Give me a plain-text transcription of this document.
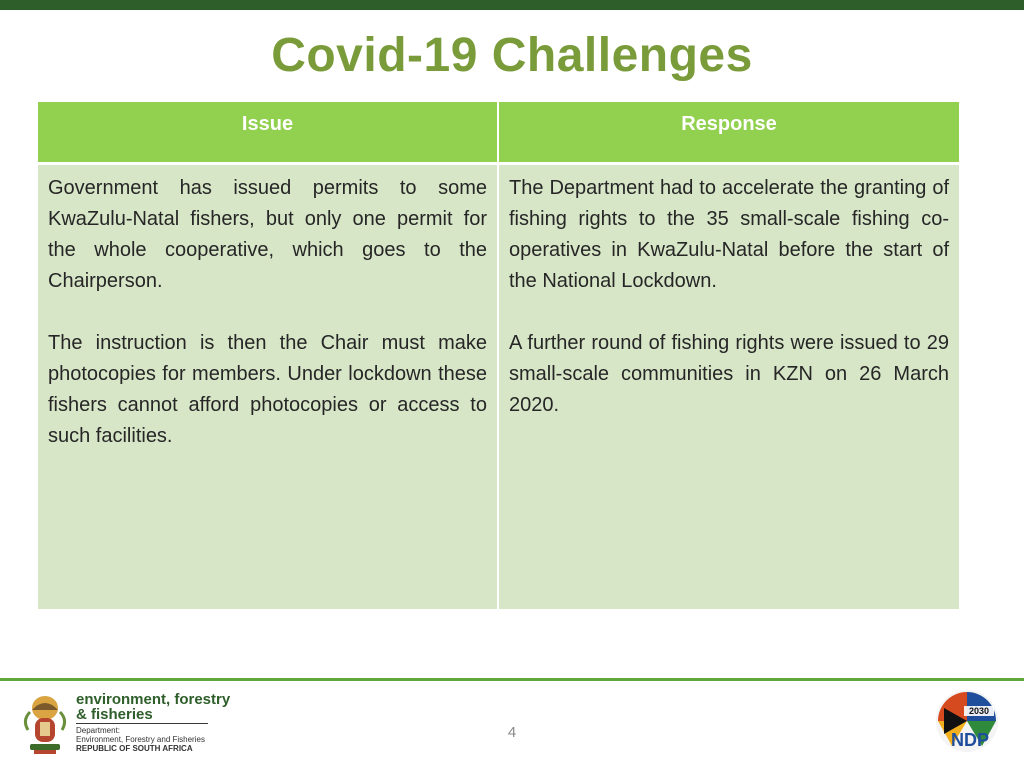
Covid-19 Challenges
Issue	Response

Government has issued permits to some KwaZulu-Natal fishers, but only one permit for the whole cooperative, which goes to the Chairperson.

The instruction is then the Chair must make photocopies for members. Under lockdown these fishers cannot afford photocopies or access to such facilities.

The Department had to accelerate the granting of fishing rights to the 35 small-scale fishing co-operatives in KwaZulu-Natal before the start of the National Lockdown.

A further round of fishing rights were issued to 29 small-scale communities in KZN on 26 March 2020.

environment, forestry
& fisheries
Department:
Environment, Forestry and Fisheries
REPUBLIC OF SOUTH AFRICA
4
2030
NDP
